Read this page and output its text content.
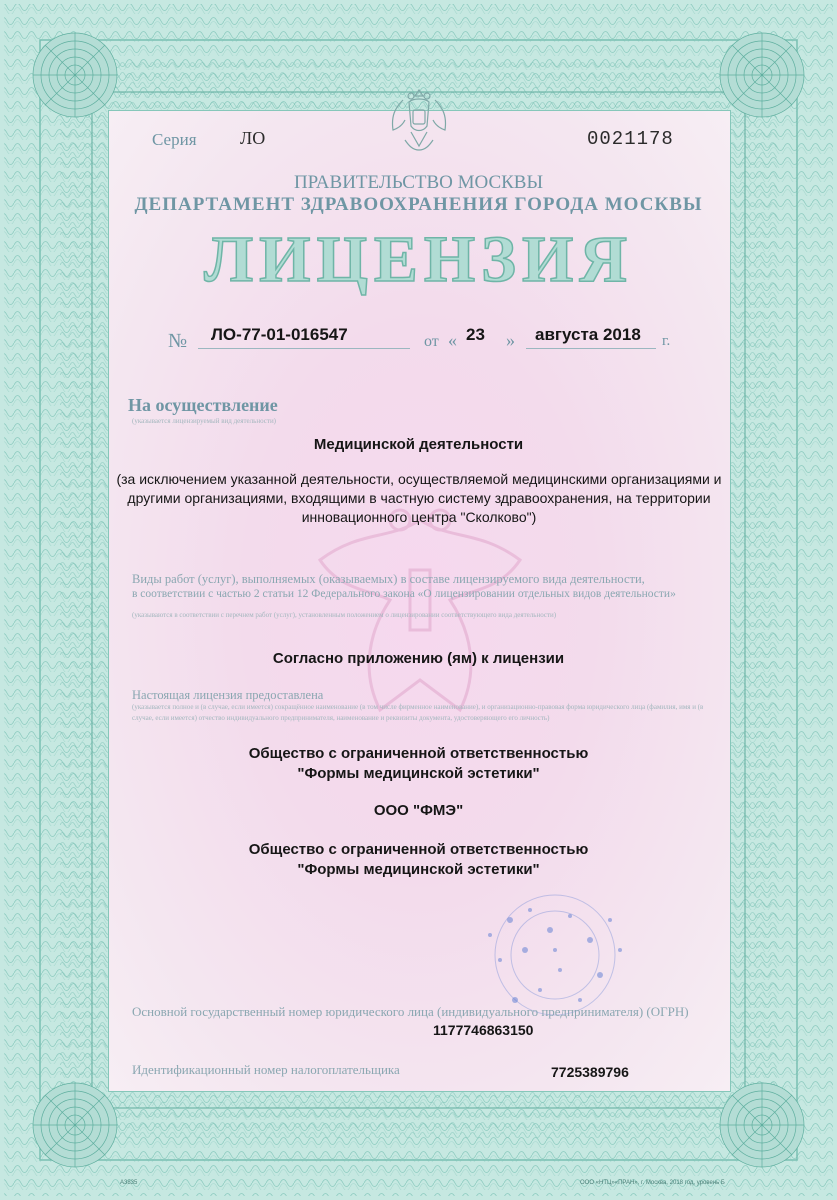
Серия ЛО	0021178
ПРАВИТЕЛЬСТВО МОСКВЫ
ДЕПАРТАМЕНТ ЗДРАВООХРАНЕНИЯ ГОРОДА МОСКВЫ
ЛИЦЕНЗИЯ
№ ЛО-77-01-016547	от « 23 » августа 2018 г.
На осуществление
(указывается лицензируемый вид деятельности)
Медицинской деятельности
(за исключением указанной деятельности, осуществляемой медицинскими организациями и другими организациями, входящими в частную систему здравоохранения, на территории инновационного центра "Сколково")
Виды работ (услуг), выполняемых (оказываемых) в составе лицензируемого вида деятельности,
в соответствии с частью 2 статьи 12 Федерального закона «О лицензировании отдельных видов деятельности»
(указываются в соответствии с перечнем работ (услуг), установленным положением о лицензировании соответствующего вида деятельности)
Согласно приложению (ям) к лицензии
Настоящая лицензия предоставлена
(указывается полное и (в случае, если имеется) сокращённое наименование (в том числе фирменное наименование), и организационно-правовая форма юридического лица (фамилия, имя и (в случае, если имеется) отчество индивидуального предпринимателя, наименование и реквизиты документа, удостоверяющего его личность)
Общество с ограниченной ответственностью
"Формы медицинской эстетики"
ООО "ФМЭ"
Общество с ограниченной ответственностью
"Формы медицинской эстетики"
Основной государственный номер юридического лица (индивидуального предпринимателя) (ОГРН)
1177746863150
Идентификационный номер налогоплательщика	7725389796
A3835	ООО «НТЦ»«ПРАН», г. Москва, 2018 год, уровень Б
